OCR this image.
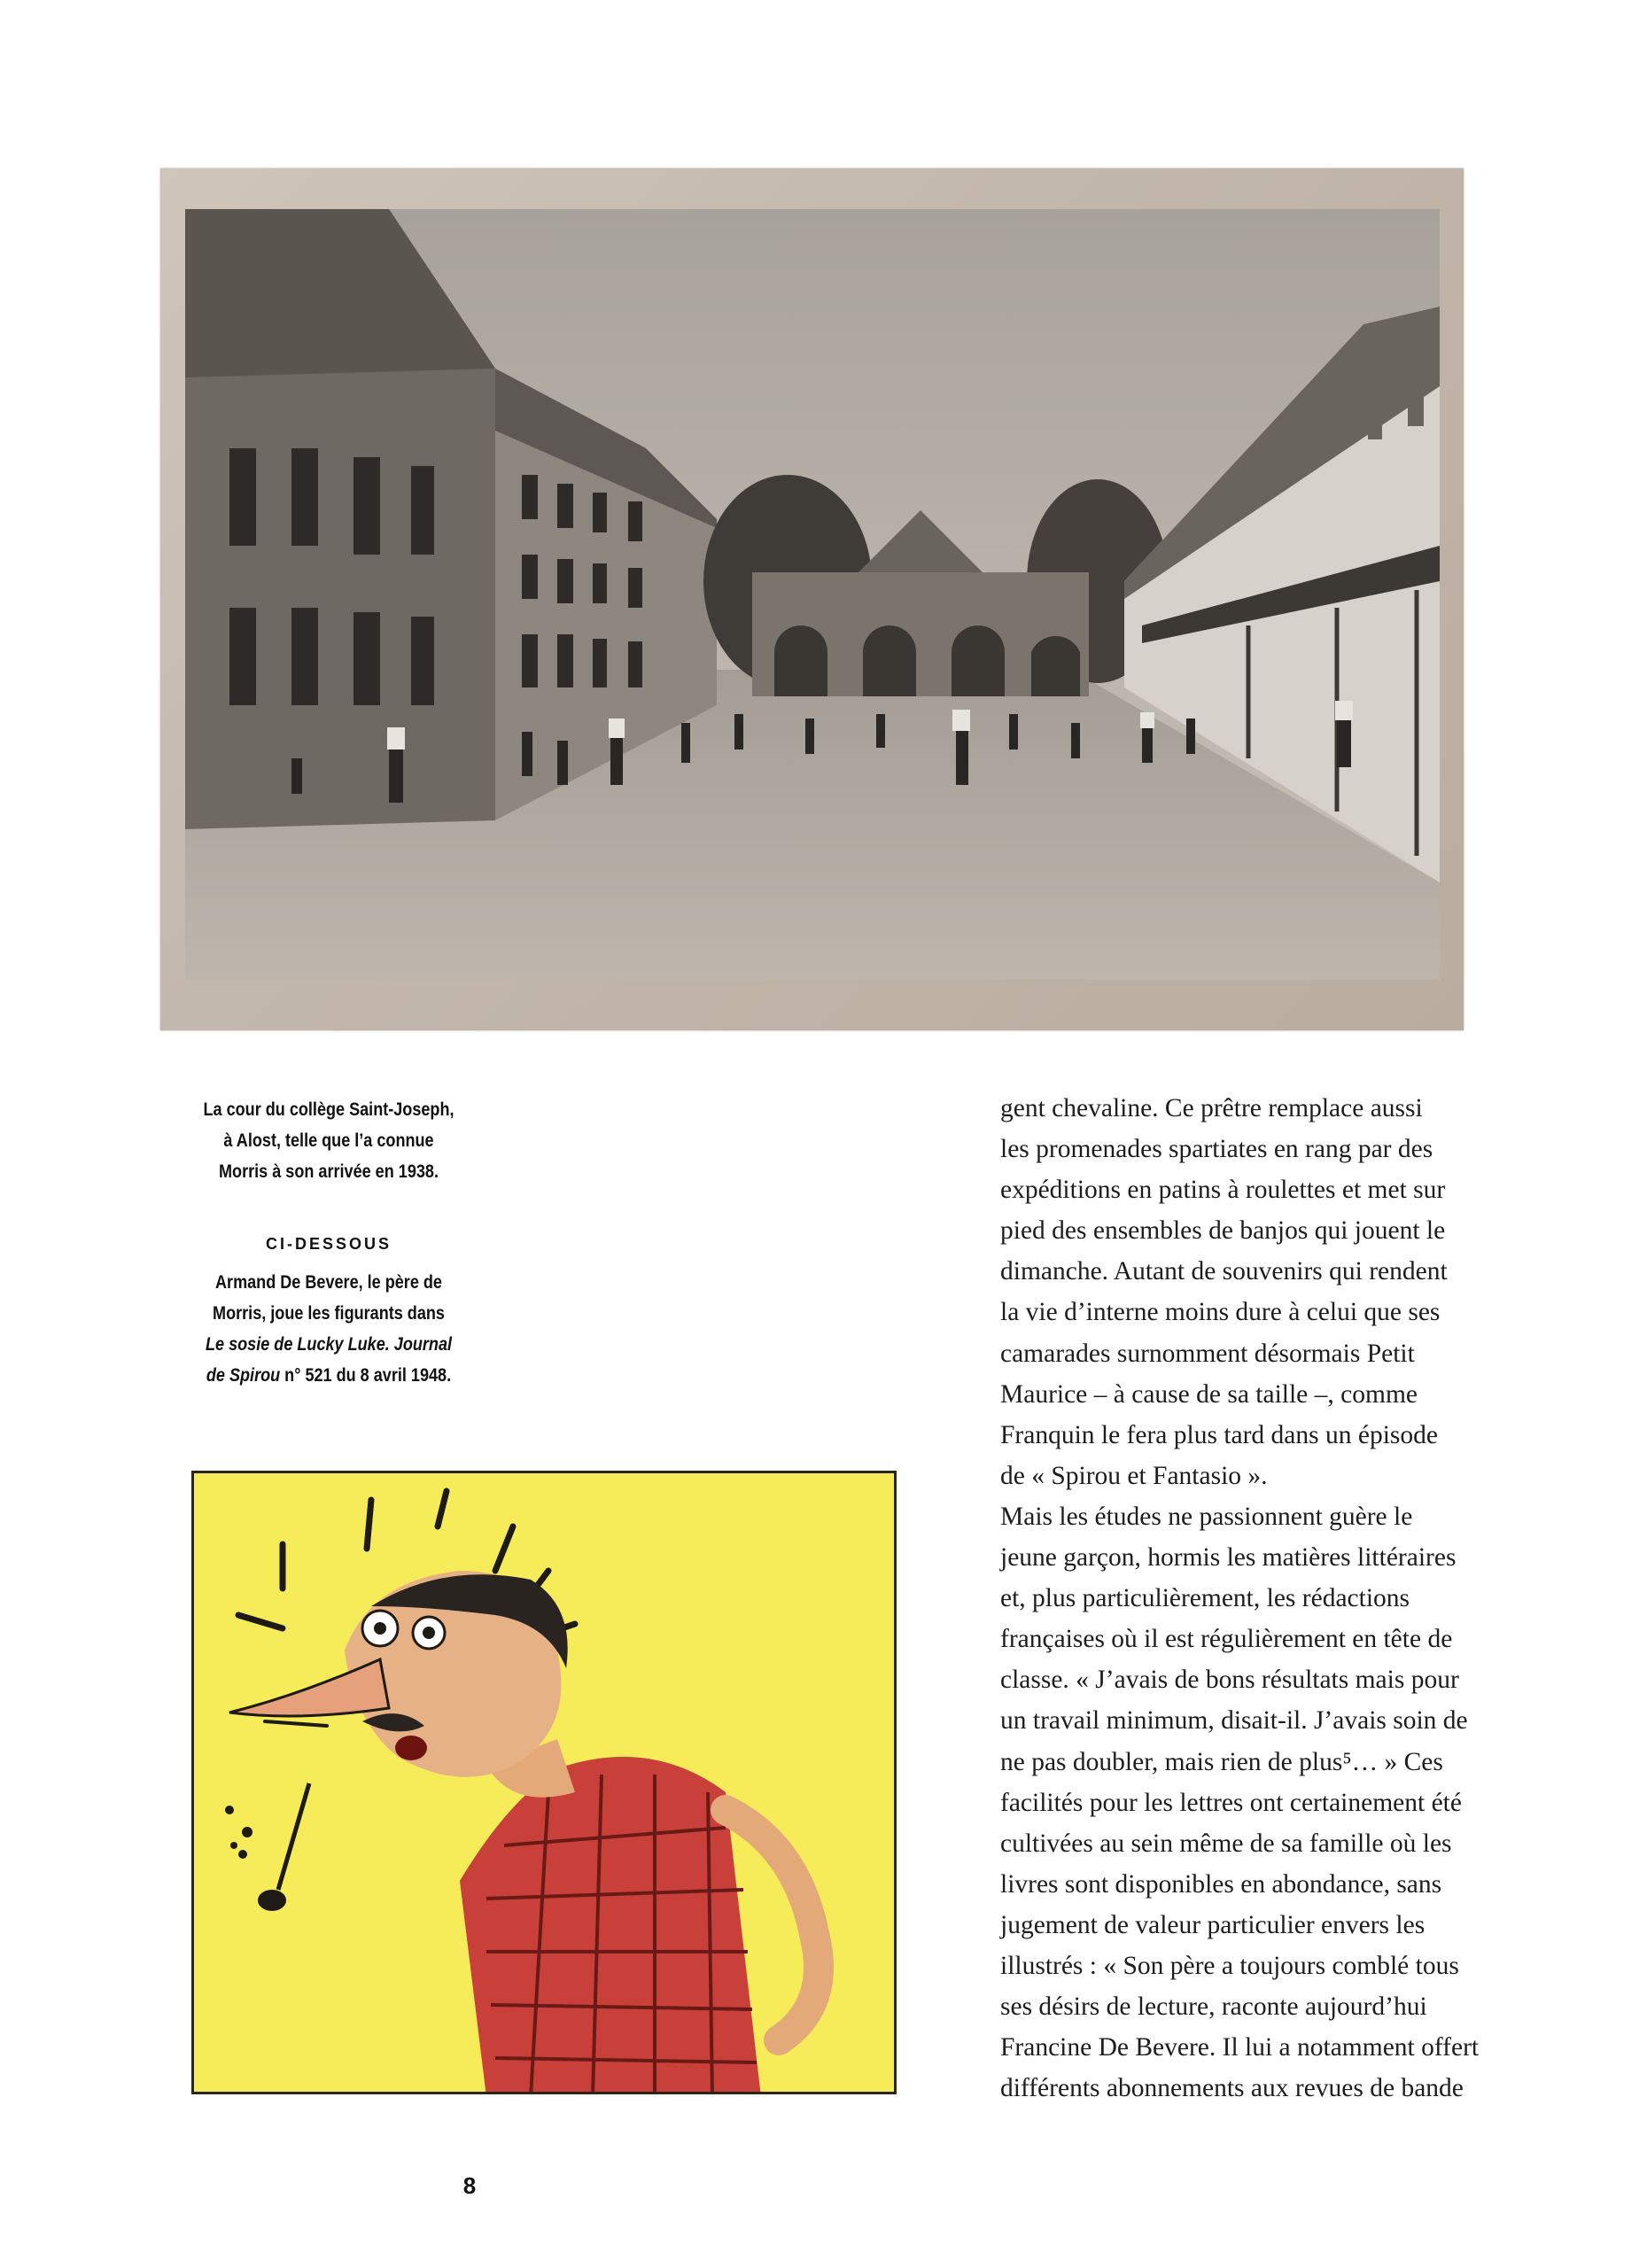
La cour du collège Saint-Joseph,
à Alost, telle que l’a connue
Morris à son arrivée en 1938.
CI-DESSOUS
Armand De Bevere, le père de
Morris, joue les figurants dans
Le sosie de Lucky Luke. Journal
de Spirou n° 521 du 8 avril 1948.
gent chevaline. Ce prêtre remplace aussi
les promenades spartiates en rang par des
expéditions en patins à roulettes et met sur
pied des ensembles de banjos qui jouent le
dimanche. Autant de souvenirs qui rendent
la vie d’interne moins dure à celui que ses
camarades surnomment désormais Petit
Maurice – à cause de sa taille –, comme
Franquin le fera plus tard dans un épisode
de « Spirou et Fantasio ».
Mais les études ne passionnent guère le
jeune garçon, hormis les matières littéraires
et, plus particulièrement, les rédactions
françaises où il est régulièrement en tête de
classe. « J’avais de bons résultats mais pour
un travail minimum, disait-il. J’avais soin de
ne pas doubler, mais rien de plus⁵… » Ces
facilités pour les lettres ont certainement été
cultivées au sein même de sa famille où les
livres sont disponibles en abondance, sans
jugement de valeur particulier envers les
illustrés : « Son père a toujours comblé tous
ses désirs de lecture, raconte aujourd’hui
Francine De Bevere. Il lui a notamment offert
différents abonnements aux revues de bande
8
